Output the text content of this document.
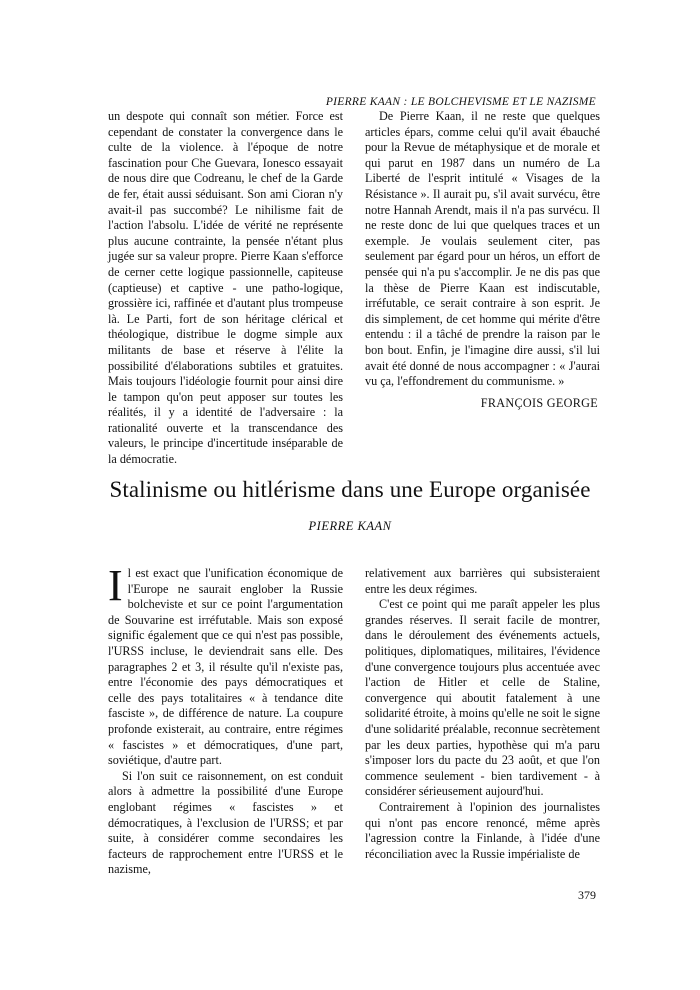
PIERRE KAAN : LE BOLCHEVISME ET LE NAZISME

un despote qui connaît son métier. Force est cependant de constater la convergence dans le culte de la violence. à l'époque de notre fascination pour Che Guevara, Ionesco essayait de nous dire que Codreanu, le chef de la Garde de fer, était aussi séduisant. Son ami Cioran n'y avait-il pas succombé? Le nihilisme fait de l'action l'absolu. L'idée de vérité ne représente plus aucune contrainte, la pensée n'étant plus jugée sur sa valeur propre. Pierre Kaan s'efforce de cerner cette logique passionnelle, capiteuse (captieuse) et captive - une patho-logique, grossière ici, raffinée et d'autant plus trompeuse là. Le Parti, fort de son héritage clérical et théologique, distribue le dogme simple aux militants de base et réserve à l'élite la possibilité d'élaborations subtiles et gratuites. Mais toujours l'idéologie fournit pour ainsi dire le tampon qu'on peut apposer sur toutes les réalités, il y a identité de l'adversaire : la rationalité ouverte et la transcendance des valeurs, le principe d'incertitude inséparable de la démocratie.

De Pierre Kaan, il ne reste que quelques articles épars, comme celui qu'il avait ébauché pour la Revue de métaphysique et de morale et qui parut en 1987 dans un numéro de La Liberté de l'esprit intitulé « Visages de la Résistance ». Il aurait pu, s'il avait survécu, être notre Hannah Arendt, mais il n'a pas survécu. Il ne reste donc de lui que quelques traces et un exemple. Je voulais seulement citer, pas seulement par égard pour un héros, un effort de pensée qui n'a pu s'accomplir. Je ne dis pas que la thèse de Pierre Kaan est indiscutable, irréfutable, ce serait contraire à son esprit. Je dis simplement, de cet homme qui mérite d'être entendu : il a tâché de prendre la raison par le bon bout. Enfin, je l'imagine dire aussi, s'il lui avait été donné de nous accompagner : « J'aurai vu ça, l'effondrement du communisme. »

FRANÇOIS GEORGE
Stalinisme ou hitlérisme dans une Europe organisée
PIERRE KAAN

Il est exact que l'unification économique de l'Europe ne saurait englober la Russie bolcheviste et sur ce point l'argumentation de Souvarine est irréfutable. Mais son exposé signific également que ce qui n'est pas possible, l'URSS incluse, le deviendrait sans elle. Des paragraphes 2 et 3, il résulte qu'il n'existe pas, entre l'économie des pays démocratiques et celle des pays totalitaires « à tendance dite fasciste », de différence de nature. La coupure profonde existerait, au contraire, entre régimes « fascistes » et démocratiques, d'une part, soviétique, d'autre part.

Si l'on suit ce raisonnement, on est conduit alors à admettre la possibilité d'une Europe englobant régimes « fascistes » et démocratiques, à l'exclusion de l'URSS; et par suite, à considérer comme secondaires les facteurs de rapprochement entre l'URSS et le nazisme,

relativement aux barrières qui subsisteraient entre les deux régimes.

C'est ce point qui me paraît appeler les plus grandes réserves. Il serait facile de montrer, dans le déroulement des événements actuels, politiques, diplomatiques, militaires, l'évidence d'une convergence toujours plus accentuée avec l'action de Hitler et celle de Staline, convergence qui aboutit fatalement à une solidarité étroite, à moins qu'elle ne soit le signe d'une solidarité préalable, reconnue secrètement par les deux parties, hypothèse qui m'a paru s'imposer lors du pacte du 23 août, et que l'on commence seulement - bien tardivement - à considérer sérieusement aujourd'hui.

Contrairement à l'opinion des journalistes qui n'ont pas encore renoncé, même après l'agression contre la Finlande, à l'idée d'une réconciliation avec la Russie impérialiste de

379
